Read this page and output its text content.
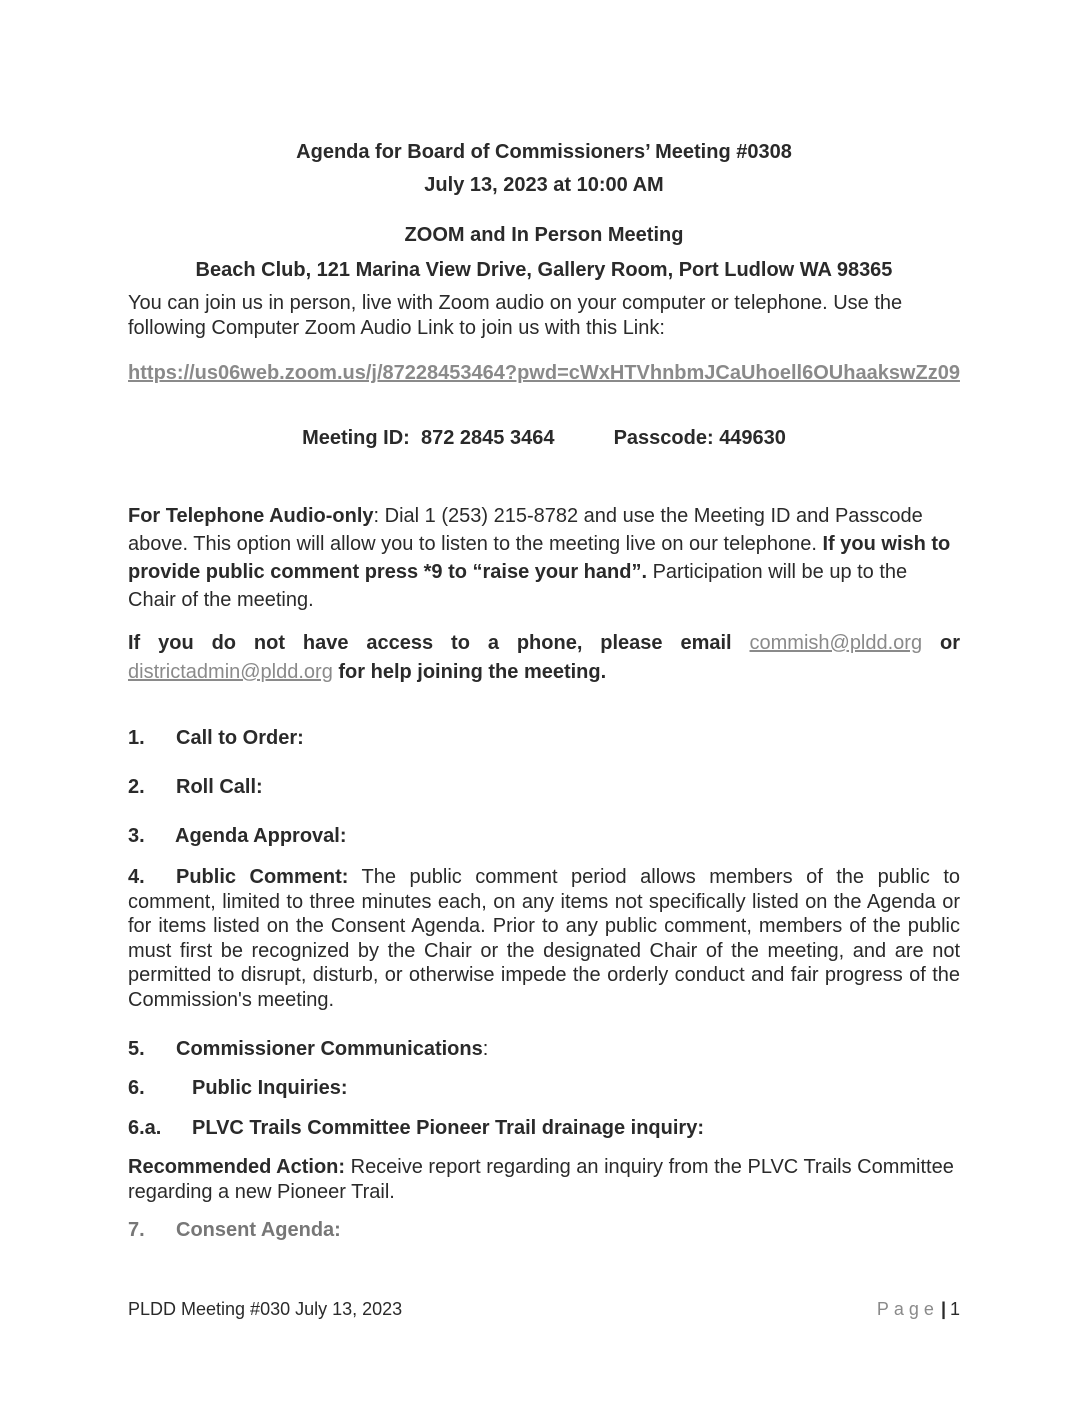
Agenda for Board of Commissioners’ Meeting #0308
July 13, 2023 at 10:00 AM
ZOOM and In Person Meeting
Beach Club, 121 Marina View Drive, Gallery Room, Port Ludlow WA 98365
You can join us in person, live with Zoom audio on your computer or telephone. Use the following Computer Zoom Audio Link to join us with this Link:
https://us06web.zoom.us/j/87228453464?pwd=cWxHTVhnbmJCaUhoell6OUhaakswZz09
Meeting ID: 872 2845 3464	Passcode: 449630
For Telephone Audio-only: Dial 1 (253) 215-8782 and use the Meeting ID and Passcode above. This option will allow you to listen to the meeting live on our telephone. If you wish to provide public comment press *9 to “raise your hand”. Participation will be up to the Chair of the meeting.
If you do not have access to a phone, please email commish@pldd.org or districtadmin@pldd.org for help joining the meeting.
1. Call to Order:
2. Roll Call:
3. Agenda Approval:
4. Public Comment: The public comment period allows members of the public to comment, limited to three minutes each, on any items not specifically listed on the Agenda or for items listed on the Consent Agenda. Prior to any public comment, members of the public must first be recognized by the Chair or the designated Chair of the meeting, and are not permitted to disrupt, disturb, or otherwise impede the orderly conduct and fair progress of the Commission's meeting.
5. Commissioner Communications:
6. Public Inquiries:
6.a. PLVC Trails Committee Pioneer Trail drainage inquiry:
Recommended Action: Receive report regarding an inquiry from the PLVC Trails Committee regarding a new Pioneer Trail.
7. Consent Agenda:
PLDD Meeting #030 July 13, 2023	Page | 1
